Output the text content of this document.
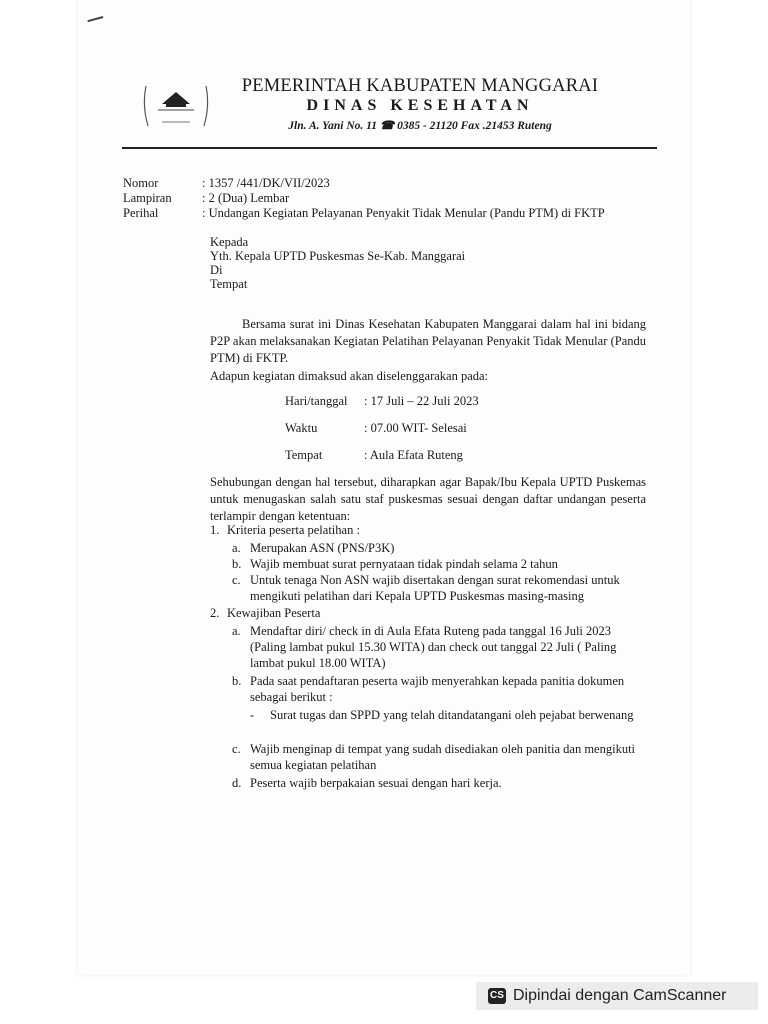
PEMERINTAH KABUPATEN MANGGARAI
DINAS KESEHATAN
Jln. A. Yani No. 11 ☎ 0385 - 21120 Fax .21453 Ruteng
Nomor	: 1357 /441/DK/VII/2023
Lampiran : 2 (Dua) Lembar
Perihal	: Undangan Kegiatan Pelayanan Penyakit Tidak Menular (Pandu PTM) di FKTP
Kepada
Yth. Kepala UPTD Puskesmas Se-Kab. Manggarai
Di
Tempat
Bersama surat ini Dinas Kesehatan Kabupaten Manggarai dalam hal ini bidang P2P akan melaksanakan Kegiatan Pelatihan Pelayanan Penyakit Tidak Menular (Pandu PTM) di FKTP.
Adapun kegiatan dimaksud akan diselenggarakan pada:
Hari/tanggal : 17 Juli – 22 Juli 2023
Waktu	: 07.00 WIT- Selesai
Tempat	: Aula Efata Ruteng
Sehubungan dengan hal tersebut, diharapkan agar Bapak/Ibu Kepala UPTD Puskemas untuk menugaskan salah satu staf puskesmas sesuai dengan daftar undangan peserta terlampir dengan ketentuan:
1. Kriteria peserta pelatihan :
a. Merupakan ASN (PNS/P3K)
b. Wajib membuat surat pernyataan tidak pindah selama 2 tahun
c. Untuk tenaga Non ASN wajib disertakan dengan surat rekomendasi untuk mengikuti pelatihan dari Kepala UPTD Puskesmas masing-masing
2. Kewajiban Peserta
a. Mendaftar diri/ check in di Aula Efata Ruteng pada tanggal 16 Juli 2023 (Paling lambat pukul 15.30 WITA) dan check out tanggal 22 Juli ( Paling lambat pukul 18.00 WITA)
b. Pada saat pendaftaran peserta wajib menyerahkan kepada panitia dokumen sebagai berikut :
- Surat tugas dan SPPD yang telah ditandatangani oleh pejabat berwenang
c. Wajib menginap di tempat yang sudah disediakan oleh panitia dan mengikuti semua kegiatan pelatihan
d. Peserta wajib berpakaian sesuai dengan hari kerja.
CS Dipindai dengan CamScanner
